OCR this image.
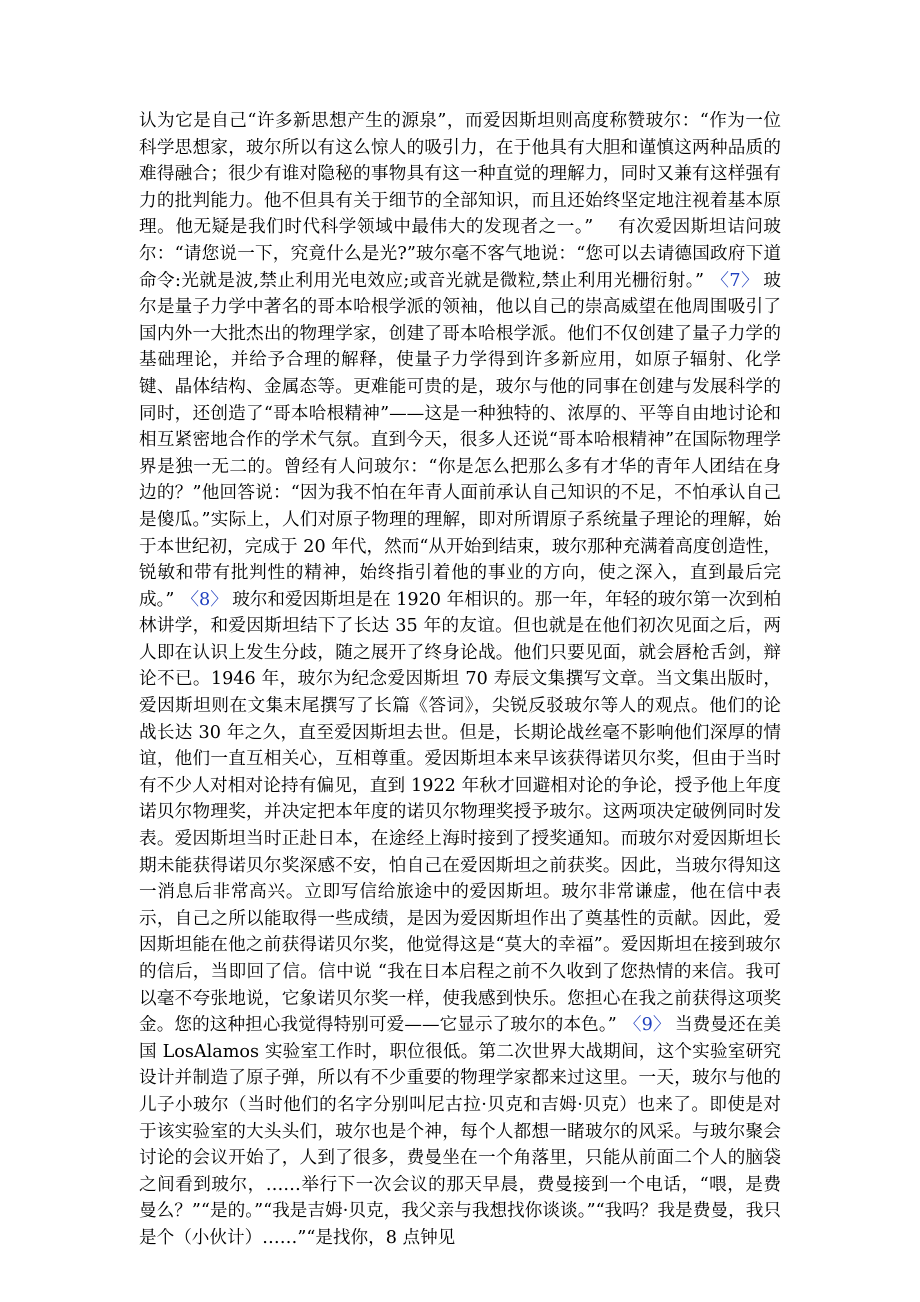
认为它是自己“许多新思想产生的源泉”，而爱因斯坦则高度称赞玻尔：“作为一位科学思想家，玻尔所以有这么惊人的吸引力，在于他具有大胆和谨慎这两种品质的难得融合；很少有谁对隐秘的事物具有这一种直觉的理解力，同时又兼有这样强有力的批判能力。他不但具有关于细节的全部知识，而且还始终坚定地注视着基本原理。他无疑是我们时代科学领域中最伟大的发现者之一。”　 有次爱因斯坦诘问玻尔：“请您说一下，究竟什么是光?”玻尔毫不客气地说：“您可以去请德国政府下道命令:光就是波,禁止利用光电效应;或音光就是微粒,禁止利用光栅衍射。” 〈7〉 玻尔是量子力学中著名的哥本哈根学派的领袖，他以自己的崇高威望在他周围吸引了国内外一大批杰出的物理学家，创建了哥本哈根学派。他们不仅创建了量子力学的基础理论，并给予合理的解释，使量子力学得到许多新应用，如原子辐射、化学键、晶体结构、金属态等。更难能可贵的是，玻尔与他的同事在创建与发展科学的同时，还创造了“哥本哈根精神”——这是一种独特的、浓厚的、平等自由地讨论和相互紧密地合作的学术气氛。直到今天，很多人还说“哥本哈根精神”在国际物理学界是独一无二的。曾经有人问玻尔：“你是怎么把那么多有才华的青年人团结在身边的？”他回答说：“因为我不怕在年青人面前承认自己知识的不足，不怕承认自己是傻瓜。”实际上，人们对原子物理的理解，即对所谓原子系统量子理论的理解，始于本世纪初，完成于 20 年代，然而“从开始到结束，玻尔那种充满着高度创造性，锐敏和带有批判性的精神，始终指引着他的事业的方向，使之深入，直到最后完成。” 〈8〉 玻尔和爱因斯坦是在 1920 年相识的。那一年，年轻的玻尔第一次到柏林讲学，和爱因斯坦结下了长达 35 年的友谊。但也就是在他们初次见面之后，两人即在认识上发生分歧，随之展开了终身论战。他们只要见面，就会唇枪舌剑，辩论不已。1946 年，玻尔为纪念爱因斯坦 70 寿辰文集撰写文章。当文集出版时，爱因斯坦则在文集末尾撰写了长篇《答词》，尖锐反驳玻尔等人的观点。他们的论战长达 30 年之久，直至爱因斯坦去世。但是，长期论战丝毫不影响他们深厚的情谊，他们一直互相关心，互相尊重。爱因斯坦本来早该获得诺贝尔奖，但由于当时有不少人对相对论持有偏见，直到 1922 年秋才回避相对论的争论，授予他上年度诺贝尔物理奖，并决定把本年度的诺贝尔物理奖授予玻尔。这两项决定破例同时发表。爱因斯坦当时正赴日本，在途经上海时接到了授奖通知。而玻尔对爱因斯坦长期未能获得诺贝尔奖深感不安，怕自己在爱因斯坦之前获奖。因此，当玻尔得知这一消息后非常高兴。立即写信给旅途中的爱因斯坦。玻尔非常谦虚，他在信中表示，自己之所以能取得一些成绩，是因为爱因斯坦作出了奠基性的贡献。因此，爱因斯坦能在他之前获得诺贝尔奖，他觉得这是“莫大的幸福”。爱因斯坦在接到玻尔的信后，当即回了信。信中说 “我在日本启程之前不久收到了您热情的来信。我可以毫不夸张地说，它象诺贝尔奖一样，使我感到快乐。您担心在我之前获得这项奖金。您的这种担心我觉得特别可爱——它显示了玻尔的本色。” 〈9〉 当费曼还在美国 LosAlamos 实验室工作时，职位很低。第二次世界大战期间，这个实验室研究设计并制造了原子弹，所以有不少重要的物理学家都来过这里。一天，玻尔与他的儿子小玻尔（当时他们的名字分别叫尼古拉·贝克和吉姆·贝克）也来了。即使是对于该实验室的大头头们，玻尔也是个神，每个人都想一睹玻尔的风采。与玻尔聚会讨论的会议开始了，人到了很多，费曼坐在一个角落里，只能从前面二个人的脑袋之间看到玻尔，……举行下一次会议的那天早晨，费曼接到一个电话，“喂，是费曼么？”“是的。”“我是吉姆·贝克，我父亲与我想找你谈谈。”“我吗？我是费曼，我只是个（小伙计）……”“是找你，8 点钟见
